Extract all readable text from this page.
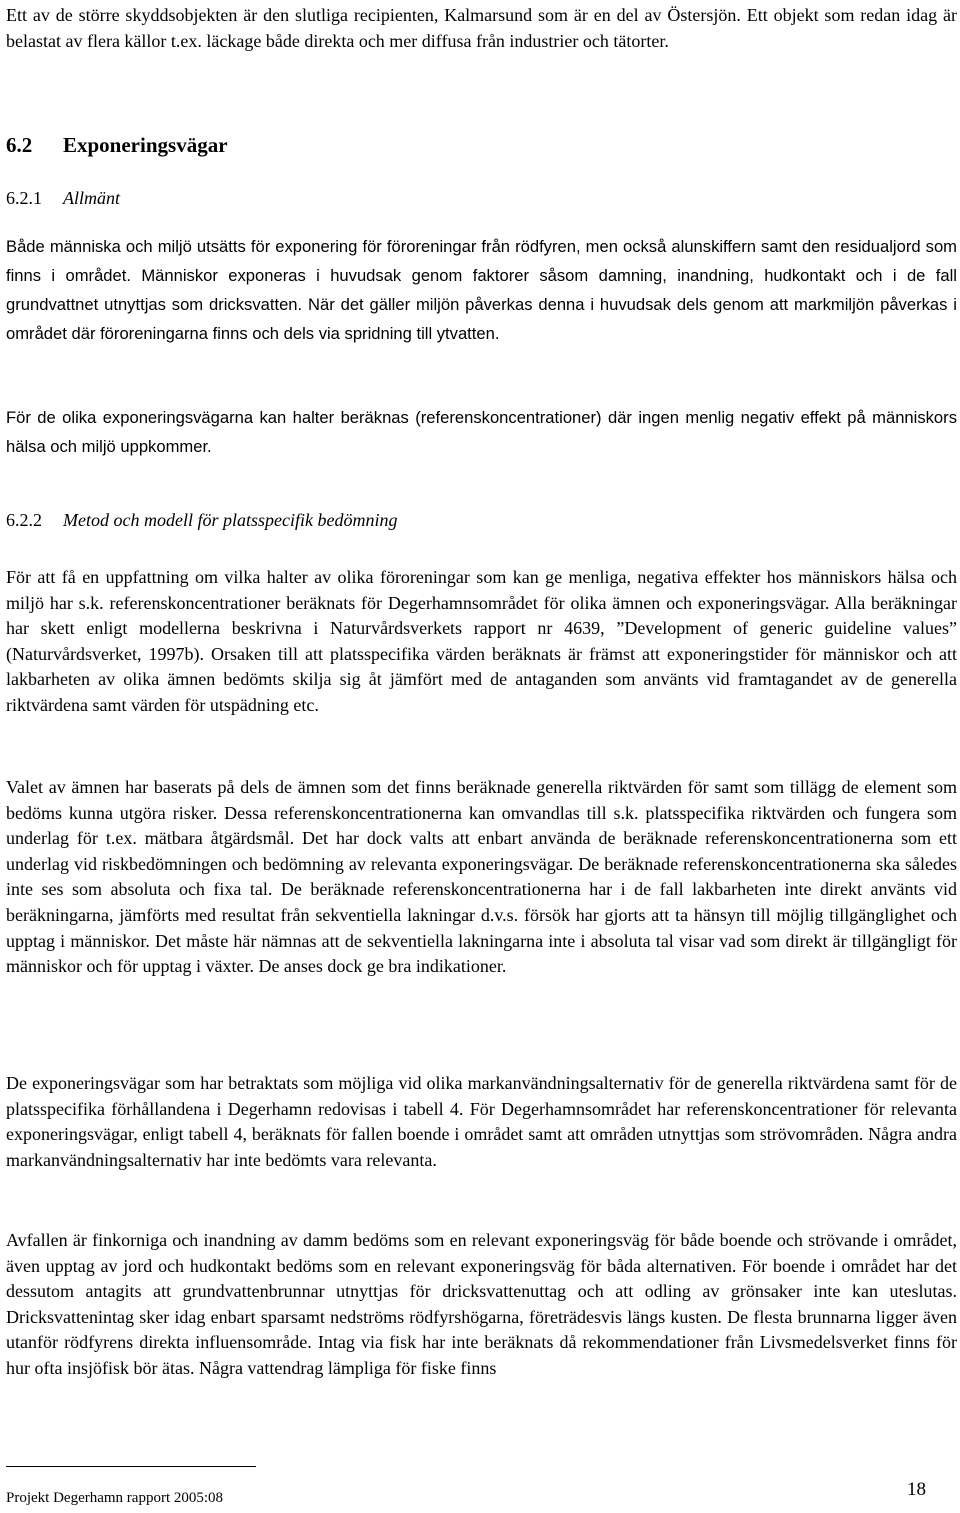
Ett av de större skyddsobjekten är den slutliga recipienten, Kalmarsund som är en del av Östersjön. Ett objekt som redan idag är belastat av flera källor t.ex. läckage både direkta och mer diffusa från industrier och tätorter.

6.2 Exponeringsvägar
6.2.1 Allmänt

Både människa och miljö utsätts för exponering för föroreningar från rödfyren, men också alunskiffern samt den residualjord som finns i området. Människor exponeras i huvudsak genom faktorer såsom damning, inandning, hudkontakt och i de fall grundvattnet utnyttjas som dricksvatten. När det gäller miljön påverkas denna i huvudsak dels genom att markmiljön påverkas i området där föroreningarna finns och dels via spridning till ytvatten.

För de olika exponeringsvägarna kan halter beräknas (referenskoncentrationer) där ingen menlig negativ effekt på människors hälsa och miljö uppkommer.

6.2.2 Metod och modell för platsspecifik bedömning

För att få en uppfattning om vilka halter av olika föroreningar som kan ge menliga, negativa effekter hos människors hälsa och miljö har s.k. referenskoncentrationer beräknats för Degerhamnsområdet för olika ämnen och exponeringsvägar. Alla beräkningar har skett enligt modellerna beskrivna i Naturvårdsverkets rapport nr 4639, ”Development of generic guideline values” (Naturvårdsverket, 1997b). Orsaken till att platsspecifika värden beräknats är främst att exponeringstider för människor och att lakbarheten av olika ämnen bedömts skilja sig åt jämfört med de antaganden som använts vid framtagandet av de generella riktvärdena samt värden för utspädning etc.

Valet av ämnen har baserats på dels de ämnen som det finns beräknade generella riktvärden för samt som tillägg de element som bedöms kunna utgöra risker. Dessa referenskoncentrationerna kan omvandlas till s.k. platsspecifika riktvärden och fungera som underlag för t.ex. mätbara åtgärdsmål. Det har dock valts att enbart använda de beräknade referenskoncentrationerna som ett underlag vid riskbedömningen och bedömning av relevanta exponeringsvägar. De beräknade referenskoncentrationerna ska således inte ses som absoluta och fixa tal. De beräknade referenskoncentrationerna har i de fall lakbarheten inte direkt använts vid beräkningarna, jämförts med resultat från sekventiella lakningar d.v.s. försök har gjorts att ta hänsyn till möjlig tillgänglighet och upptag i människor. Det måste här nämnas att de sekventiella lakningarna inte i absoluta tal visar vad som direkt är tillgängligt för människor och för upptag i växter. De anses dock ge bra indikationer.

De exponeringsvägar som har betraktats som möjliga vid olika markanvändningsalternativ för de generella riktvärdena samt för de platsspecifika förhållandena i Degerhamn redovisas i tabell 4. För Degerhamnsområdet har referenskoncentrationer för relevanta exponeringsvägar, enligt tabell 4, beräknats för fallen boende i området samt att områden utnyttjas som strövområden. Några andra markanvändningsalternativ har inte bedömts vara relevanta.

Avfallen är finkorniga och inandning av damm bedöms som en relevant exponeringsväg för både boende och strövande i området, även upptag av jord och hudkontakt bedöms som en relevant exponeringsväg för båda alternativen. För boende i området har det dessutom antagits att grundvattenbrunnar utnyttjas för dricksvattenuttag och att odling av grönsaker inte kan uteslutas. Dricksvattenintag sker idag enbart sparsamt nedströms rödfyrshögarna, företrädesvis längs kusten. De flesta brunnarna ligger även utanför rödfyrens direkta influensområde. Intag via fisk har inte beräknats då rekommendationer från Livsmedelsverket finns för hur ofta insjöfisk bör ätas. Några vattendrag lämpliga för fiske finns

Projekt Degerhamn rapport 2005:08	18
